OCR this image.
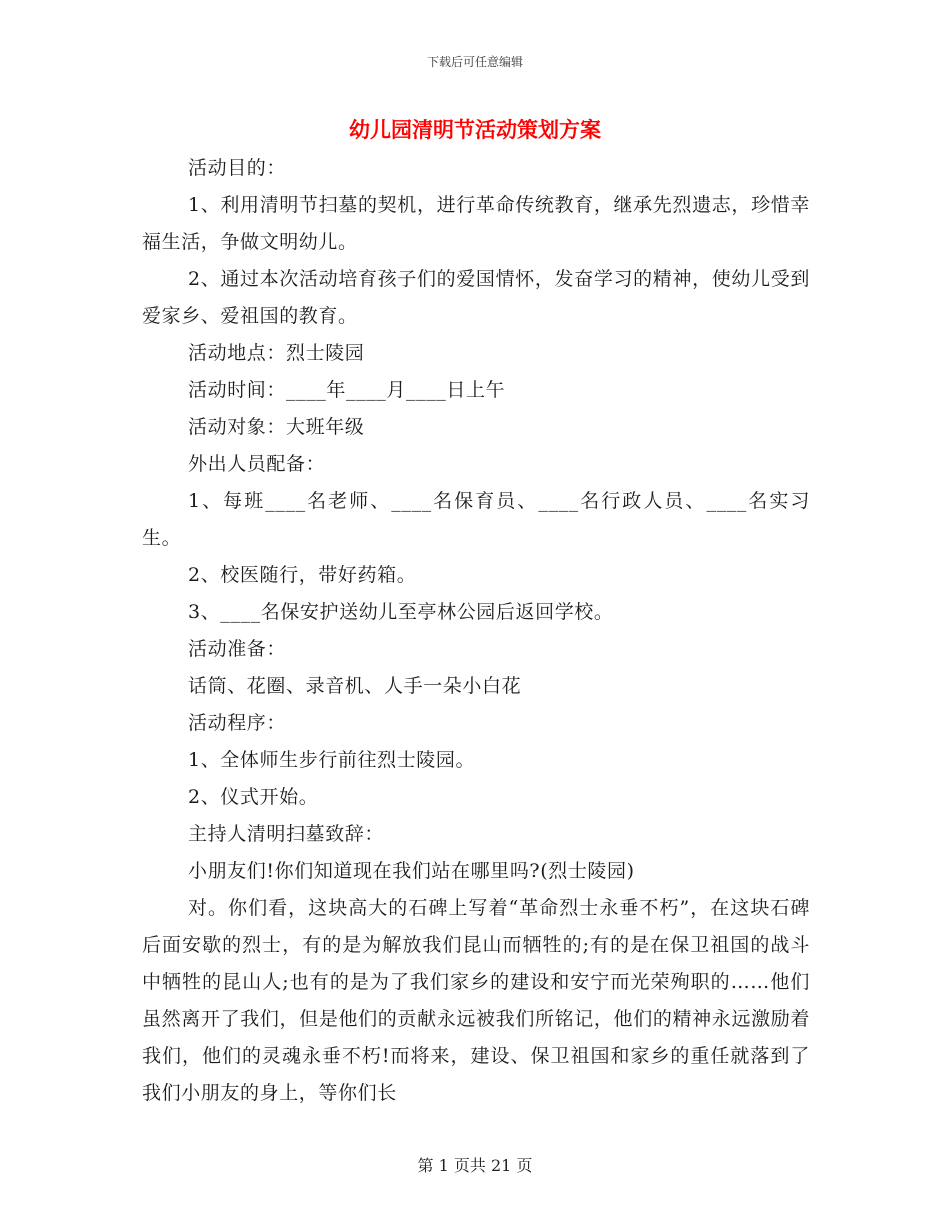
下载后可任意编辑
幼儿园清明节活动策划方案

活动目的：

1、利用清明节扫墓的契机，进行革命传统教育，继承先烈遗志，珍惜幸福生活，争做文明幼儿。

2、通过本次活动培育孩子们的爱国情怀，发奋学习的精神，使幼儿受到爱家乡、爱祖国的教育。

活动地点：烈士陵园

活动时间：____年____月____日上午

活动对象：大班年级

外出人员配备：

1、每班____名老师、____名保育员、____名行政人员、____名实习生。

2、校医随行，带好药箱。

3、____名保安护送幼儿至亭林公园后返回学校。

活动准备：

话筒、花圈、录音机、人手一朵小白花

活动程序：

1、全体师生步行前往烈士陵园。

2、仪式开始。

主持人清明扫墓致辞：

小朋友们!你们知道现在我们站在哪里吗?(烈士陵园)

对。你们看，这块高大的石碑上写着“革命烈士永垂不朽”，在这块石碑后面安歇的烈士，有的是为解放我们昆山而牺牲的;有的是在保卫祖国的战斗中牺牲的昆山人;也有的是为了我们家乡的建设和安宁而光荣殉职的……他们虽然离开了我们，但是他们的贡献永远被我们所铭记，他们的精神永远激励着我们，他们的灵魂永垂不朽!而将来，建设、保卫祖国和家乡的重任就落到了我们小朋友的身上，等你们长

第 1 页共 21 页
